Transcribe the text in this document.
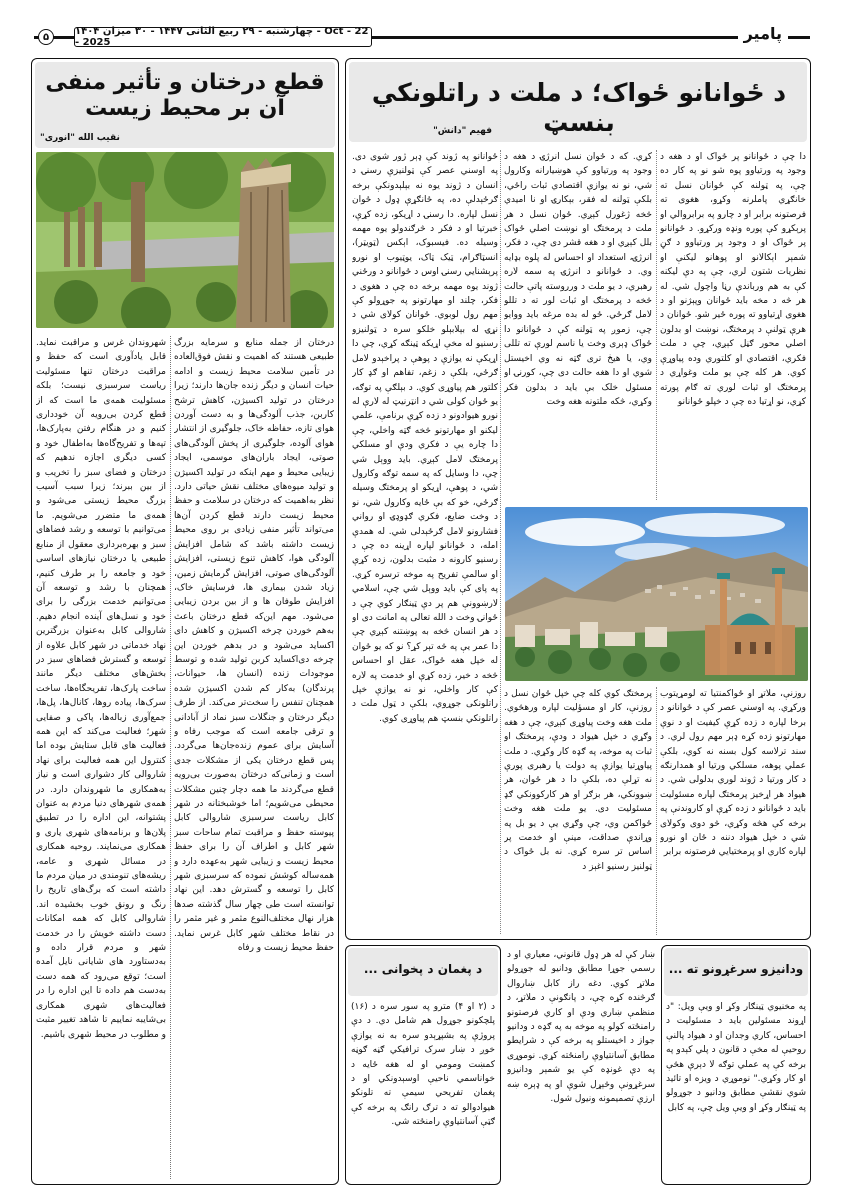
پامیر
چهارشنبه - ۲۹ ربیع الثانی ۱۴۴۷ - ۳۰ میزان ۱۴۰۴ - Oct - 22 - 2025
۵
د ځوانانو ځواک؛ د ملت د راتلونکي بنسټ
فهیم "دانش"
دا چې د ځوانانو پر ځواک او د هغه د وجود په ورتیاوو پوه شو نو په کار ده چې، په ټولنه کې ځوانان نسل ته خانګړي پاملرنه وکړو، هغوی ته فرصتونه برابر او د چارو په برابروالي او پرېکړو کې پوره ونډه ورکړو. د ځوانانو پر ځواک او د وجود پر ورتیاوو د ګڼ شمېر اېکالانو او پوهانو لیکنې او نظریات شتون لري، چې په دې لیکنه کې به هم ورباندې رڼا واچول شي. له هر څه د مخه باید ځوانان وپېژنو او د هغوی اړتیاوو ته پوره ځیر شو. ځوانان د هرې ټولنې د پرمختګ، نوښت او بدلون اصلي محور ګڼل کېږي، چې د ملت فکري، اقتصادي او کلتوري وده پیاوړې کوي. هر کله چې یو ملت وغواړي د پرمختګ او ثبات لوري ته ګام پورته کړي، نو اړتیا ده چې د خپلو ځوانانو
کړي. که د ځوان نسل انرژۍ د هغه د وجود په ورتیاوو کې هوښیارانه وکارول شي، نو نه یوازې اقتصادي ثبات راځي، بلکې ټولنه له فقر، بېکارۍ او نا امیدي څخه ژغورل کېږي. ځوان نسل د هر ملت د پرمختګ او نوښت اصلي ځواک بلل کېږي او د هغه قشر دی چې، د فکر، انرژۍ، استعداد او احساس له پلوه بډایه وي. د ځوانانو د انرژۍ په سمه لاره رهبري، د یو ملت د ورروسته پاتې حالت څخه د پرمختګ او ثبات لور ته د تللو لامل ګرځي. ځو له بده مرغه باید ووایو چې، زموږ په ټولنه کې د ځوانانو دا ځواک ډېری وخت یا ناسم لورې ته تللی وي، یا هیڅ تری ګټه نه وي اخیستل شوي او دا هغه حالت دی چې، کورنۍ او مسئول خلک بې باید د بدلون فکر وکړي، څکه ملتونه هغه وخت
ځوانانو په ژوند کې ډېر ژور شوی دی. په اوسني عصر کې ټولنیزې رسنۍ د انسان د ژوند یوه نه بېلېدونکې برخه ګرځېدلې ده، په ځانګړې ډول د ځوان نسل لپاره. دا رسنۍ د اړیکو، زده کړې، خبرتیا او د فکر د څرګندولو یوه مهمه وسیله ده. فیسبوک، اېکس (ټویټر)، انسټاګرام، ټیک ټاک، یوټیوب او نورو پرېشنایي رسنۍ اوس د ځوانانو د ورځني ژوند یوه مهمه برخه ده چې د هغوی د فکر، چلند او مهارتونو په جوړولو کې مهم رول لوبوي. ځوانان کولای شي د نړۍ له بېلابېلو خلکو سره د ټولنیزو رسنیو له مخې اړیکه ټینګه کړي، چې دا اړیکې نه یوازې د پوهې د پراخېدو لامل ګرځي، بلکې د زغم، تفاهم او ګډ کار کلتور هم پیاوړی کوي. د بېلګې په توګه، یو ځوان کولی شي د انټرنیټ له لارې له نورو هیوادونو د زده کړې برنامې، علمي لیکنو او مهارتونو څخه ګټه واخلي، چې دا چاره یې د فکري ودې او مسلکي پرمختګ لامل کېږي. باید ووېل شي چې، دا وسایل که په سمه توګه وکارول شي، د پوهې، اړیکو او پرمختګ وسیله ګرځي، خو که بې ځایه وکارول شي، نو د وخت ضایع، فکري ګډوډۍ او رواني فشارونو لامل ګرځېدلی شي. له همدې امله، د ځوانانو لپاره اړینه ده چې د رسنیو کارونه د مثبت بدلون، زده کړې او سالمې تفریح په موخه ترسره کړي. په پای کې باید ووېل شي چې، اسلامي لارښوونې هم پر دې ټینګار کوي چې د ځوانۍ وخت د الله تعالی په امانت دی او د هر انسان څخه به پوښتنه کېږي چې دا عمر یې په څه تېر کړ؟ نو که یو ځوان له خپل هغه ځواک، عقل او احساس څخه د خیر، زده کړې او خدمت په لاره کې کار واخلي، نو نه یوازې خپل راتلونکی جوړوي، بلکې د ټول ملت د راتلونکي بنسټ هم پیاوړی کوي.
روزنې، ملاتړ او ځواکمنتیا ته لومړیتوب ورکړي. په اوسني عصر کې د ځوانانو د برخا لپاره د زده کړې کیفیت او د نوې مهارتونو زده کړه ډېر مهم رول لري. د سند ترلاسه کول بسنه نه کوي، بلکې عملي پوهه، مسلکي ورتیا او همدارنګه د کار ورتیا د ژوند لوري بدلولی شي. د هیواد هر اړخیز پرمختګ لپاره مسئولیت باید د ځوانانو د زده کړې او کاروندنې په برخه کې هڅه وکړي، څو دوی وکولای شي د خپل هیواد دننه د ځان او نورو لپاره کاري او پرمختیایي فرصتونه برابر
پرمختګ کوي کله چې خپل ځوان نسل د روزنې، کار او مسؤلیت لپاره ورهڅوي. ملت هغه وخت پیاوړی کېږي، چې د هغه وګړي د خپل هیواد د ودې، پرمختګ او ثبات په موخه، په ګډه کار وکړي. د ملت پیاوړتیا یوازې په دولت یا رهبری پورې نه تړلې ده، بلکې دا د هر ځوان، هر ښوونکي، هر بزګر او هر کارکوونکي ګډ مسئولیت دی. یو ملت هغه وخت ځواکمن وي، چې وګړي یې د یو بل په وړاندې صداقت، مینې او خدمت پر اساس تر سره کړي. نه بل ځواک د ټولنیز رسنیو اغېز د
قطع درختان و تأثیر منفی آن بر محیط زیست
نقیب الله "انوری"
درختان از جمله منابع و سرمایه بزرگ طبیعی هستند که اهمیت و نقش فوق‌العاده در تأمین سلامت محیط زیست و ادامه حیات انسان و دیگر زنده جان‌ها دارند؛ زیرا درختان در تولید اکسیژن، کاهش ترشح کاربن، جذب آلودگی‌ها و به دست آوردن هوای تازه، حفاظه خاک، جلوگیری از انتشار هوای آلوده، جلوگیری از پخش آلودگی‌های صوتی، ایجاد باران‌های موسمی، ایجاد زیبایی محیط و مهم اینکه در تولید اکسیژن و تولید میوه‌های مختلف نقش حیاتی دارد. نظر به‌اهمیت که درختان در سلامت و حفظ محیط زیست دارند قطع کردن آن‌ها می‌تواند تأثیر منفی زیادی بر روی محیط زیست داشته باشد که شامل افزایش آلودگی هوا، کاهش تنوع زیستی، افزایش آلودگی‌های صوتی، افزایش گرمایش زمین، زیاد شدن بیماری ها، فرسایش خاک، افزایش طوفان ها و از بین بردن زیبایی می‌شود. مهم این‌که قطع درختان باعث به‌هم خوردن چرخه اکسیژن و کاهش دای اکساید می‌شود و در بدهم خوردن این چرخه دی‌اکساید کربن تولید شده و توسط موجودات زنده (انسان ها، حیوانات، پرندگان) به‌کار کم شدن اکسیژن شده همچنان تنفس را سخت‌تر می‌کند. از طرف دیگر درختان و جنگلات سبز نماد از آبادانی و ترقی جامعه است که موجب رفاه و آسایش برای عموم زنده‌جان‌ها می‌گردد. پس قطع درختان یکی از مشکلات جدی است و زمانی‌که درختان به‌صورت بی‌رویه قطع می‌گردند ما همه دچار چنین مشکلات محیطی می‌شویم؛ اما خوشبختانه در شهر کابل ریاست سرسبزی شاروالی کابل پیوسته حفظ و مراقبت تمام ساحات سبز شهر کابل و اطراف آن را برای حفظ محیط زیست و زیبایی شهر به‌عهده دارد و همه‌ساله کوشش نموده که سرسبزی شهر کابل را توسعه و گسترش دهد. این نهاد توانسته است طی چهار سال گذشته صدها هزار نهال مختلف‌النوع مثمر و غیر مثمر را در نقاط مختلف شهر کابل غرس نماید. حفظ محیط زیست و رفاه
شهروندان غرس و مراقبت نماید. قابل یادآوری است که حفظ و مراقبت درختان تنها مسئولیت ریاست سرسبزی نیست؛ بلکه مسئولیت همه‌ی ما است که از قطع کردن بی‌رویه آن خودداری کنیم و در هنگام رفتن به‌پارک‌ها، تپه‌ها و تفریح‌گاه‌ها به‌اطفال خود و کسی دیگری اجازه ندهیم که درختان و فضای سبز را تخریب و از بین ببرند؛ زیرا سبب آسیب بزرگ محیط زیستی می‌شود و همه‌ی ما متضرر می‌شویم. ما می‌توانیم با توسعه و رشد فضاهای سبز و بهره‌برداری معقول از منابع طبیعی یا درختان نیازهای اساسی خود و جامعه را بر طرف کنیم، همچنان با رشد و توسعه آن می‌توانیم خدمت بزرگی را برای خود و نسل‌های آینده انجام دهیم. شاروالی کابل به‌عنوان بزرگترین نهاد خدماتی در شهر کابل علاوه از توسعه و گسترش فضاهای سبز در بخش‌های مختلف دیگر مانند ساخت پارک‌ها، تفریحگاه‌ها، ساخت سرک‌ها، پیاده روها، کانال‌ها، پل‌ها، جمع‌آوری زباله‌ها، پاکی و صفایی شهر؛ فعالیت می‌کند که این همه فعالیت های قابل ستایش بوده اما کنترول این همه فعالیت برای نهاد شاروالی کار دشواری است و نیاز به‌همکاری ما شهروندان دارد. در همه‌ی شهرهای دنیا مردم به عنوان پشتوانه، این اداره را در تطبیق پلان‌ها و برنامه‌های شهری یاری و همکاری می‌نمایند. روحیه همکاری در مسائل شهری و عامه، ریشه‌های تنومندی در میان مردم ما داشته است که برگ‌های تاریخ را رنگ و رونق خوب بخشیده اند. شاروالی کابل که همه امکانات دست داشته خویش را در خدمت شهر و مردم قرار داده و به‌دستاورد های شایانی نایل آمده است؛ توقع می‌رود که همه دست به‌دست هم داده تا این اداره را در فعالیت‌های شهری همکاری بی‌شایبه نماییم تا شاهد تغییر مثبت و مطلوب در محیط شهری باشیم.
ودانیزو سرغړونو ته ...
په مخنیوي ټینګار وکړ او ویې ویل: "د اړوند مسئولین باید د مسئولیت د احساس، کاري وجدان او د هیواد پالنې روحیې له مخې د قانون د پلي کېدو په برخه کې په عملي توګه لا دېرې هڅې او کار وکړي." نوموړي د ویزه او تائید شوي نقشې مطابق ودانیو د جوړولو په ټینګار وکړ او ویې ویل چې، په کابل
ښار کې له هر ډول قانوني، معیاري او د رسمي جوړا مطابق ودانیو له جوړولو ملاتړ کوي. دغه راز کابل ښاروال ګرڅنده کړه چې، د پانګونې د ملاتړ، د منظمې ښاري ودې او کاري فرصتونو رامنځته کولو په موخه به په ګډه د ودانیو جواز د اخیستلو په برخه کې د شرایطو مطابق آسانتیاوې رامنځته کړي. نوموړی په دې غونډه کې یو شمېر ودانیزو سرغړونې وڅېړل شوې او په ډېره ښه ارزې تصمیمونه ونیول شول.
د پغمان د پخوانی ...
د (۲ او ۴) مترو په سور سره د (۱۶) پلچکونو جوړول هم شامل دي. د دې پروژې په بشپړېدو سره به نه یوازې خوږ د ښار سرک ترافیکي ګڼه ګوڼه کمښت ومومي او له هغه ځایه د خواناسمي ناحیې اوسېدونکي او د پغمان تفریحي سیمې ته تلونکو هیوادوالو ته د ترګ رانګ په برخه کې ګټې آسانتیاوې رامنځته شي.
